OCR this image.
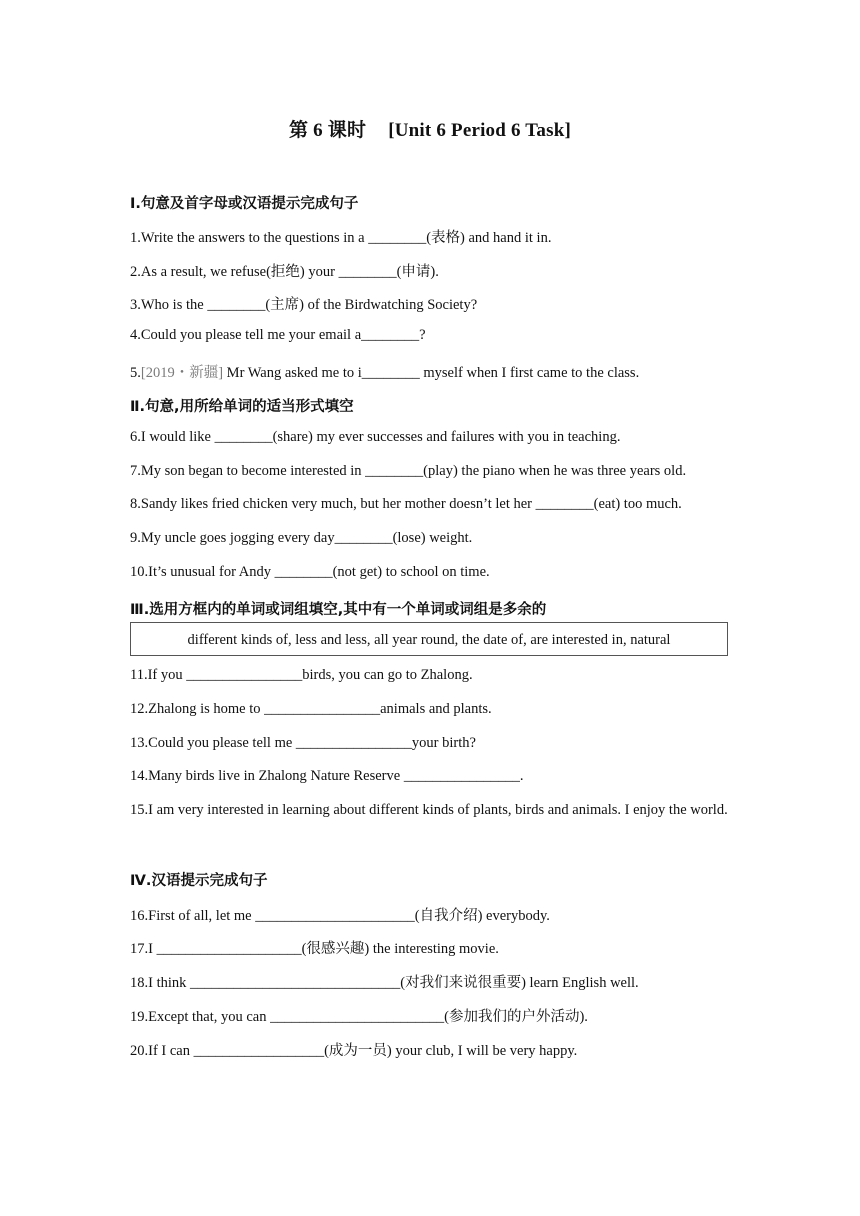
第 6 课时 [Unit 6 Period 6 Task]
Ⅰ.句意及首字母或汉语提示完成句子
1.Write the answers to the questions in a ________(表格) and hand it in.
2.As a result, we refuse(拒绝) your ________(申请).
3.Who is the ________(主席) of the Birdwatching Society?
4.Could you please tell me your email a________?
5.[2019・新疆] Mr Wang asked me to i________ myself when I first came to the class.
Ⅱ.句意,用所给单词的适当形式填空
6.I would like ________(share) my ever successes and failures with you in teaching.
7.My son began to become interested in ________(play) the piano when he was three years old.
8.Sandy likes fried chicken very much, but her mother doesn’t let her ________(eat) too much.
9.My uncle goes jogging every day________(lose) weight.
10.It’s unusual for Andy ________(not get) to school on time.
Ⅲ.选用方框内的单词或词组填空,其中有一个单词或词组是多余的
different kinds of, less and less, all year round, the date of, are interested in, natural
11.If you ________________birds, you can go to Zhalong.
12.Zhalong is home to ________________animals and plants.
13.Could you please tell me ________________your birth?
14.Many birds live in Zhalong Nature Reserve ________________.
15.I am very interested in learning about different kinds of plants, birds and animals. I enjoy the world.
Ⅳ.汉语提示完成句子
16.First of all, let me ______________________(自我介绍) everybody.
17.I ____________________(很感兴趣) the interesting movie.
18.I think _____________________________(对我们来说很重要) learn English well.
19.Except that, you can ________________________(参加我们的户外活动).
20.If I can __________________(成为一员) your club, I will be very happy.
